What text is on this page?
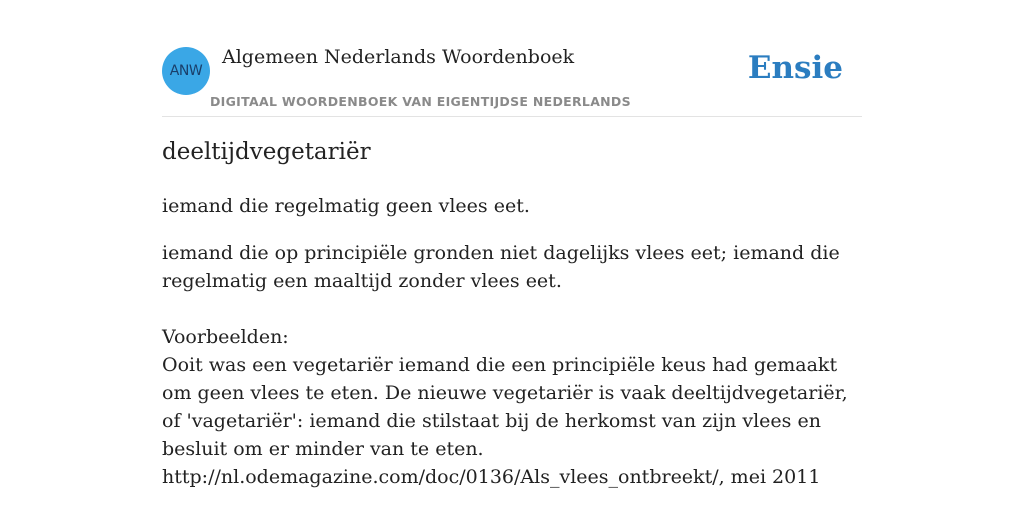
ANW
Algemeen Nederlands Woordenboek
DIGITAAL WOORDENBOEK VAN EIGENTIJDSE NEDERLANDS
Ensie
deeltijdvegetariër

iemand die regelmatig geen vlees eet.

iemand die op principiële gronden niet dagelijks vlees eet; iemand die regelmatig een maaltijd zonder vlees eet.

Voorbeelden:
Ooit was een vegetariër iemand die een principiële keus had gemaakt om geen vlees te eten. De nieuwe vegetariër is vaak deeltijdvegetariër, of 'vagetariër': iemand die stilstaat bij de herkomst van zijn vlees en besluit om er minder van te eten.
http://nl.odemagazine.com/doc/0136/Als_vlees_ontbreekt/, mei 2011
